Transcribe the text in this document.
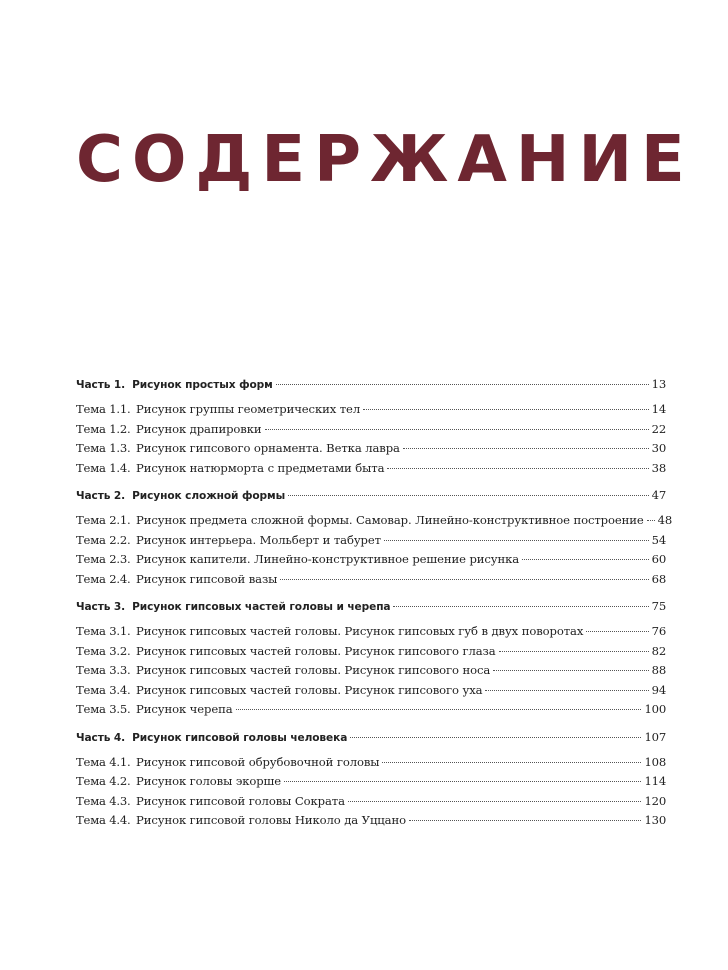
СОДЕРЖАНИЕ
Часть 1. Рисунок простых форм	13
Тема 1.1. Рисунок группы геометрических тел	14
Тема 1.2. Рисунок драпировки	22
Тема 1.3. Рисунок гипсового орнамента. Ветка лавра	30
Тема 1.4. Рисунок натюрморта с предметами быта	38
Часть 2. Рисунок сложной формы	47
Тема 2.1. Рисунок предмета сложной формы. Самовар. Линейно-конструктивное построение 48
Тема 2.2. Рисунок интерьера. Мольберт и табурет	54
Тема 2.3. Рисунок капители. Линейно-конструктивное решение рисунка	60
Тема 2.4. Рисунок гипсовой вазы	68
Часть 3. Рисунок гипсовых частей головы и черепа	75
Тема 3.1. Рисунок гипсовых частей головы. Рисунок гипсовых губ в двух поворотах	76
Тема 3.2. Рисунок гипсовых частей головы. Рисунок гипсового глаза	82
Тема 3.3. Рисунок гипсовых частей головы. Рисунок гипсового носа	88
Тема 3.4. Рисунок гипсовых частей головы. Рисунок гипсового уха	94
Тема 3.5. Рисунок черепа	100
Часть 4. Рисунок гипсовой головы человека	107
Тема 4.1. Рисунок гипсовой обрубовочной головы	108
Тема 4.2. Рисунок головы экорше	114
Тема 4.3. Рисунок гипсовой головы Сократа	120
Тема 4.4. Рисунок гипсовой головы Николо да Уццано	130
